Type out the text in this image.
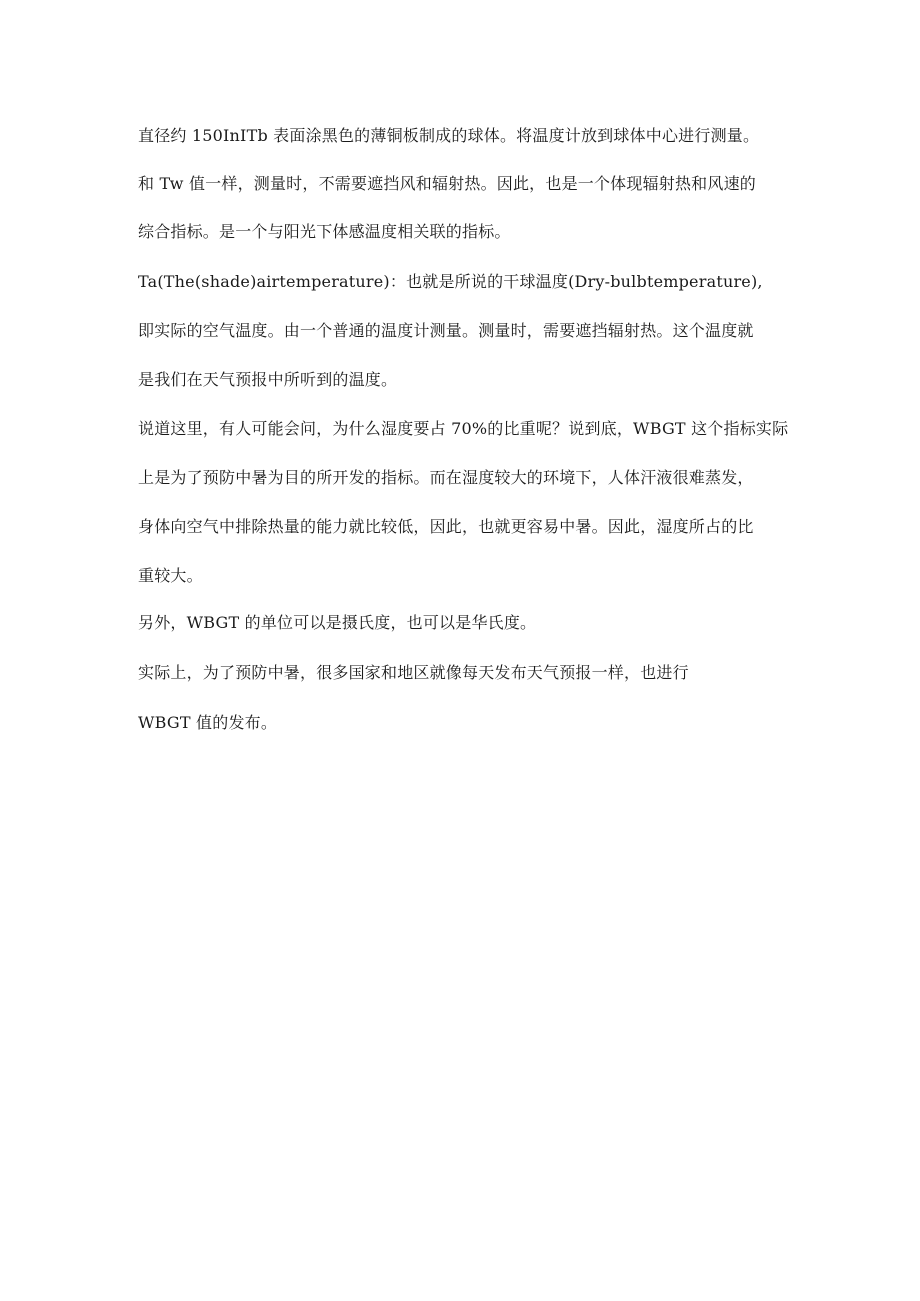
直径约 150InITb 表面涂黑色的薄铜板制成的球体。将温度计放到球体中心进行测量。

和 Tw 值一样，测量时，不需要遮挡风和辐射热。因此，也是一个体现辐射热和风速的

综合指标。是一个与阳光下体感温度相关联的指标。

Ta(The(shade)airtemperature)：也就是所说的干球温度(Dry-bulbtemperature),

即实际的空气温度。由一个普通的温度计测量。测量时，需要遮挡辐射热。这个温度就

是我们在天气预报中所听到的温度。

说道这里，有人可能会问，为什么湿度要占 70%的比重呢？说到底，WBGT 这个指标实际

上是为了预防中暑为目的所开发的指标。而在湿度较大的环境下，人体汗液很难蒸发，

身体向空气中排除热量的能力就比较低，因此，也就更容易中暑。因此，湿度所占的比

重较大。

另外，WBGT 的单位可以是摄氏度，也可以是华氏度。

实际上，为了预防中暑，很多国家和地区就像每天发布天气预报一样，也进行

WBGT 值的发布。
